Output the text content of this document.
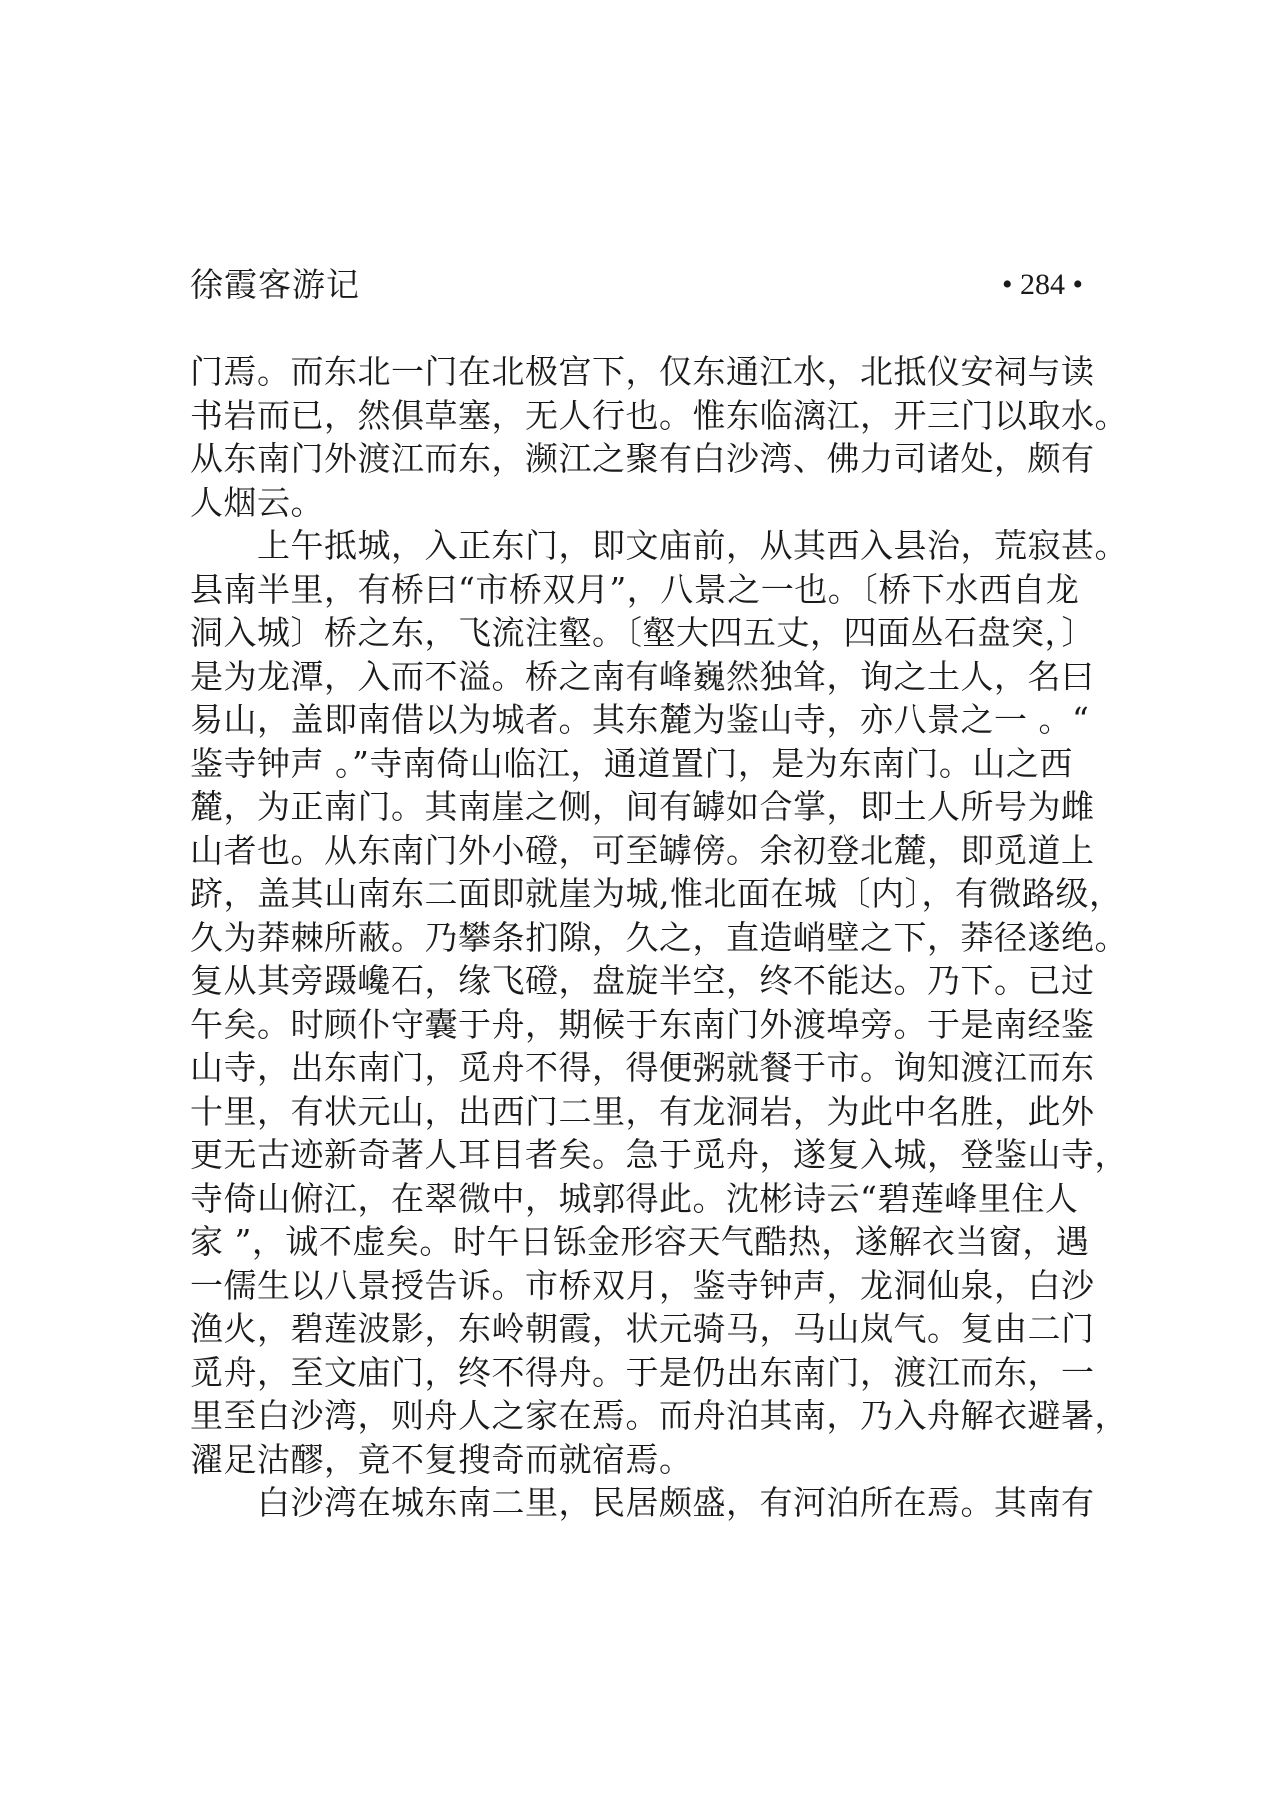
徐霞客游记	• 284 •
门焉。而东北一门在北极宫下，仅东通江水，北抵仪安祠与读
书岩而已，然俱草塞，无人行也。惟东临漓江，开三门以取水。
从东南门外渡江而东，濒江之聚有白沙湾、佛力司诸处，颇有
人烟云。
上午抵城，入正东门，即文庙前，从其西入县治，荒寂甚。
县南半里，有桥曰“市桥双月”，八景之一也。〔桥下水西自龙
洞入城〕桥之东，飞流注壑。〔壑大四五丈，四面丛石盘突，〕
是为龙潭，入而不溢。桥之南有峰巍然独耸，询之土人，名曰
易山，盖即南借以为城者。其东麓为鉴山寺，亦八景之一 。“
鉴寺钟声 。”寺南倚山临江，通道置门，是为东南门。山之西
麓，为正南门。其南崖之侧，间有罅如合掌，即土人所号为雌
山者也。从东南门外小磴，可至罅傍。余初登北麓，即觅道上
跻，盖其山南东二面即就崖为城,惟北面在城〔内〕，有微路级，
久为莽棘所蔽。乃攀条扪隙，久之，直造峭壁之下，莽径遂绝。
复从其旁蹑巉石，缘飞磴，盘旋半空，终不能达。乃下。已过
午矣。时顾仆守囊于舟，期候于东南门外渡埠旁。于是南经鉴
山寺，出东南门，觅舟不得，得便粥就餐于市。询知渡江而东
十里，有状元山，出西门二里，有龙洞岩，为此中名胜，此外
更无古迹新奇著人耳目者矣。急于觅舟，遂复入城，登鉴山寺，
寺倚山俯江，在翠微中，城郭得此。沈彬诗云“碧莲峰里住人
家 ”，诚不虚矣。时午日铄金形容天气酷热，遂解衣当窗，遇
一儒生以八景授告诉。市桥双月，鉴寺钟声，龙洞仙泉，白沙
渔火，碧莲波影，东岭朝霞，状元骑马，马山岚气。复由二门
觅舟，至文庙门，终不得舟。于是仍出东南门，渡江而东，一
里至白沙湾，则舟人之家在焉。而舟泊其南，乃入舟解衣避暑，
濯足沽醪，竟不复搜奇而就宿焉。
白沙湾在城东南二里，民居颇盛，有河泊所在焉。其南有
